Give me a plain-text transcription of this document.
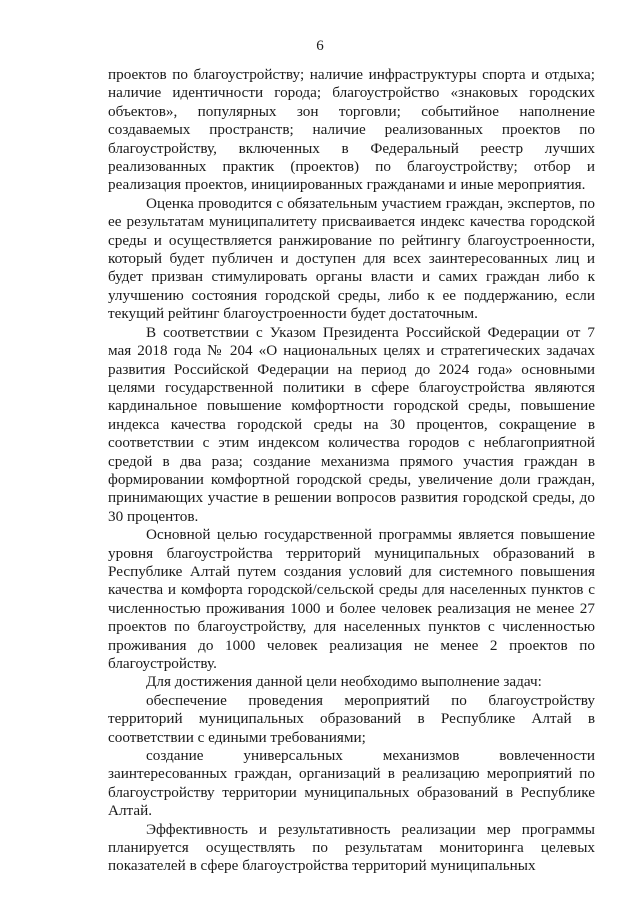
6

проектов по благоустройству; наличие инфраструктуры спорта и отдыха; наличие идентичности города; благоустройство «знаковых городских объектов», популярных зон торговли; событийное наполнение создаваемых пространств; наличие реализованных проектов по благоустройству, включенных в Федеральный реестр лучших реализованных практик (проектов) по благоустройству; отбор и реализация проектов, инициированных гражданами и иные мероприятия.

Оценка проводится с обязательным участием граждан, экспертов, по ее результатам муниципалитету присваивается индекс качества городской среды и осуществляется ранжирование по рейтингу благоустроенности, который будет публичен и доступен для всех заинтересованных лиц и будет призван стимулировать органы власти и самих граждан либо к улучшению состояния городской среды, либо к ее поддержанию, если текущий рейтинг благоустроенности будет достаточным.

В соответствии с Указом Президента Российской Федерации от 7 мая 2018 года № 204 «О национальных целях и стратегических задачах развития Российской Федерации на период до 2024 года» основными целями государственной политики в сфере благоустройства являются кардинальное повышение комфортности городской среды, повышение индекса качества городской среды на 30 процентов, сокращение в соответствии с этим индексом количества городов с неблагоприятной средой в два раза; создание механизма прямого участия граждан в формировании комфортной городской среды, увеличение доли граждан, принимающих участие в решении вопросов развития городской среды, до 30 процентов.

Основной целью государственной программы является повышение уровня благоустройства территорий муниципальных образований в Республике Алтай путем создания условий для системного повышения качества и комфорта городской/сельской среды для населенных пунктов с численностью проживания 1000 и более человек реализация не менее 27 проектов по благоустройству, для населенных пунктов с численностью проживания до 1000 человек реализация не менее 2 проектов по благоустройству.

Для достижения данной цели необходимо выполнение задач:

обеспечение проведения мероприятий по благоустройству территорий муниципальных образований в Республике Алтай в соответствии с едиными требованиями;

создание универсальных механизмов вовлеченности заинтересованных граждан, организаций в реализацию мероприятий по благоустройству территории муниципальных образований в Республике Алтай.

Эффективность и результативность реализации мер программы планируется осуществлять по результатам мониторинга целевых показателей в сфере благоустройства территорий муниципальных
